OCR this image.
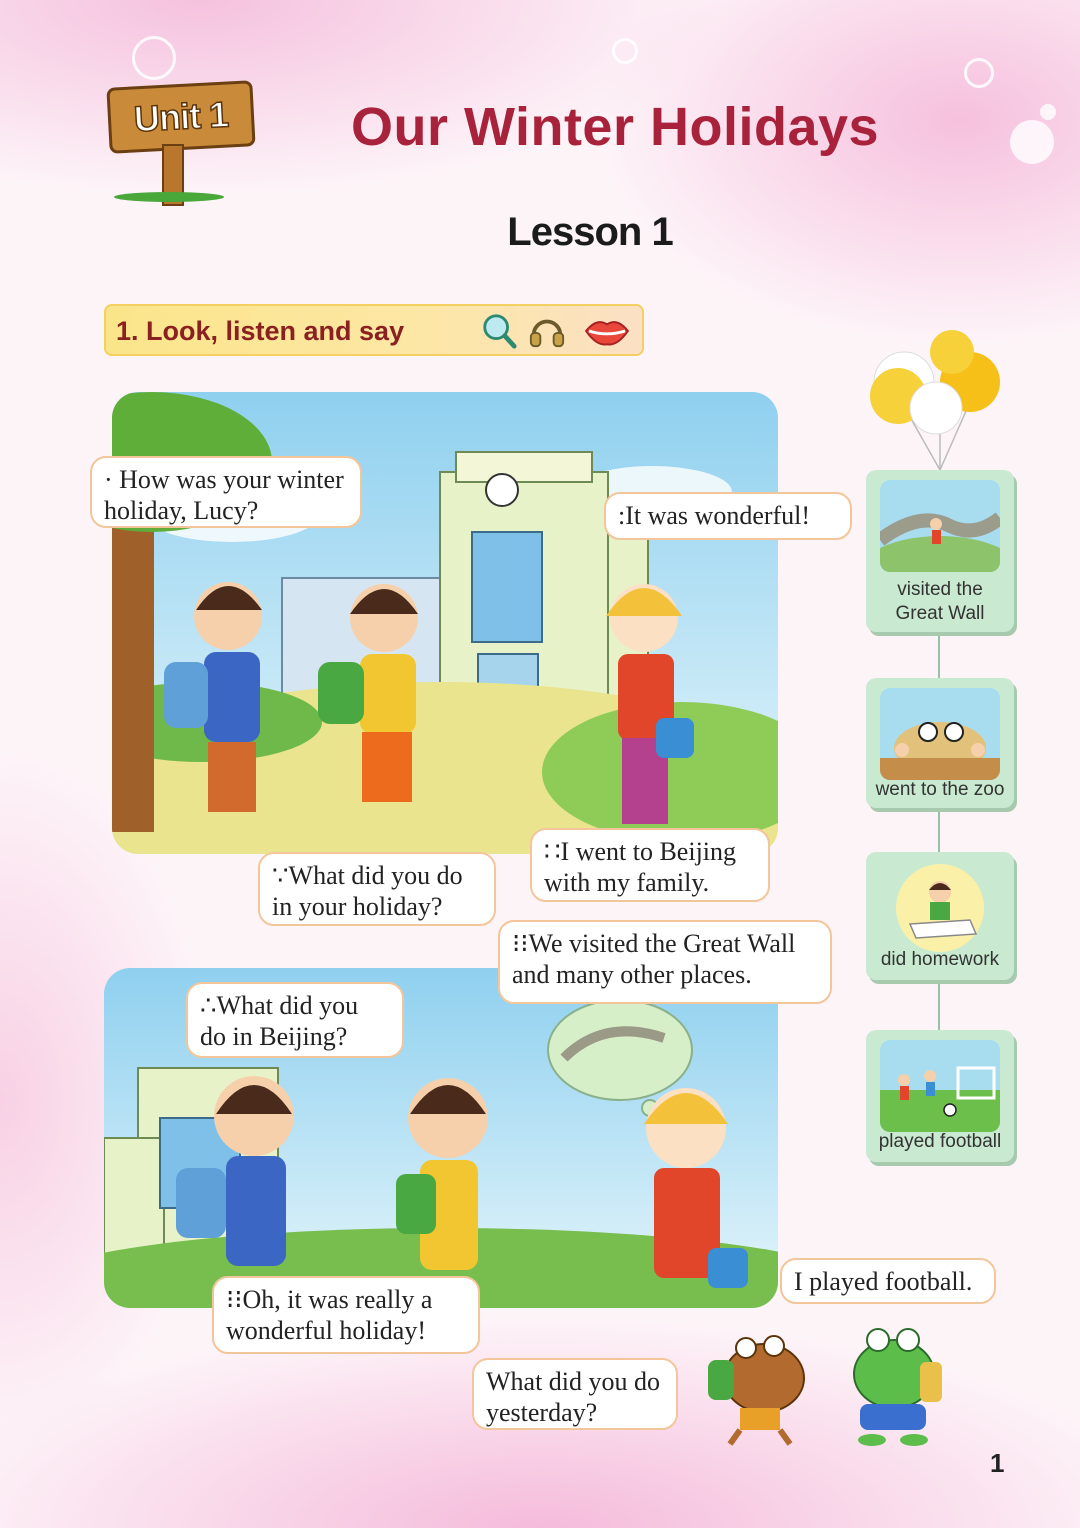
Unit 1	Our Winter Holidays
Lesson 1
1. Look, listen and say
· How was your winter
holiday, Lucy?	:It was wonderful!
∵What did you do
in your holiday?
∷I went to Beijing
with my family.
⁝⁝We visited the Great Wall
and many other places.
∴What did you
do in Beijing?
⁝⁝Oh, it was really a
wonderful holiday!
visited the
Great Wall
went to the zoo
did homework
played football
What did you do
yesterday?
I played football.
1
